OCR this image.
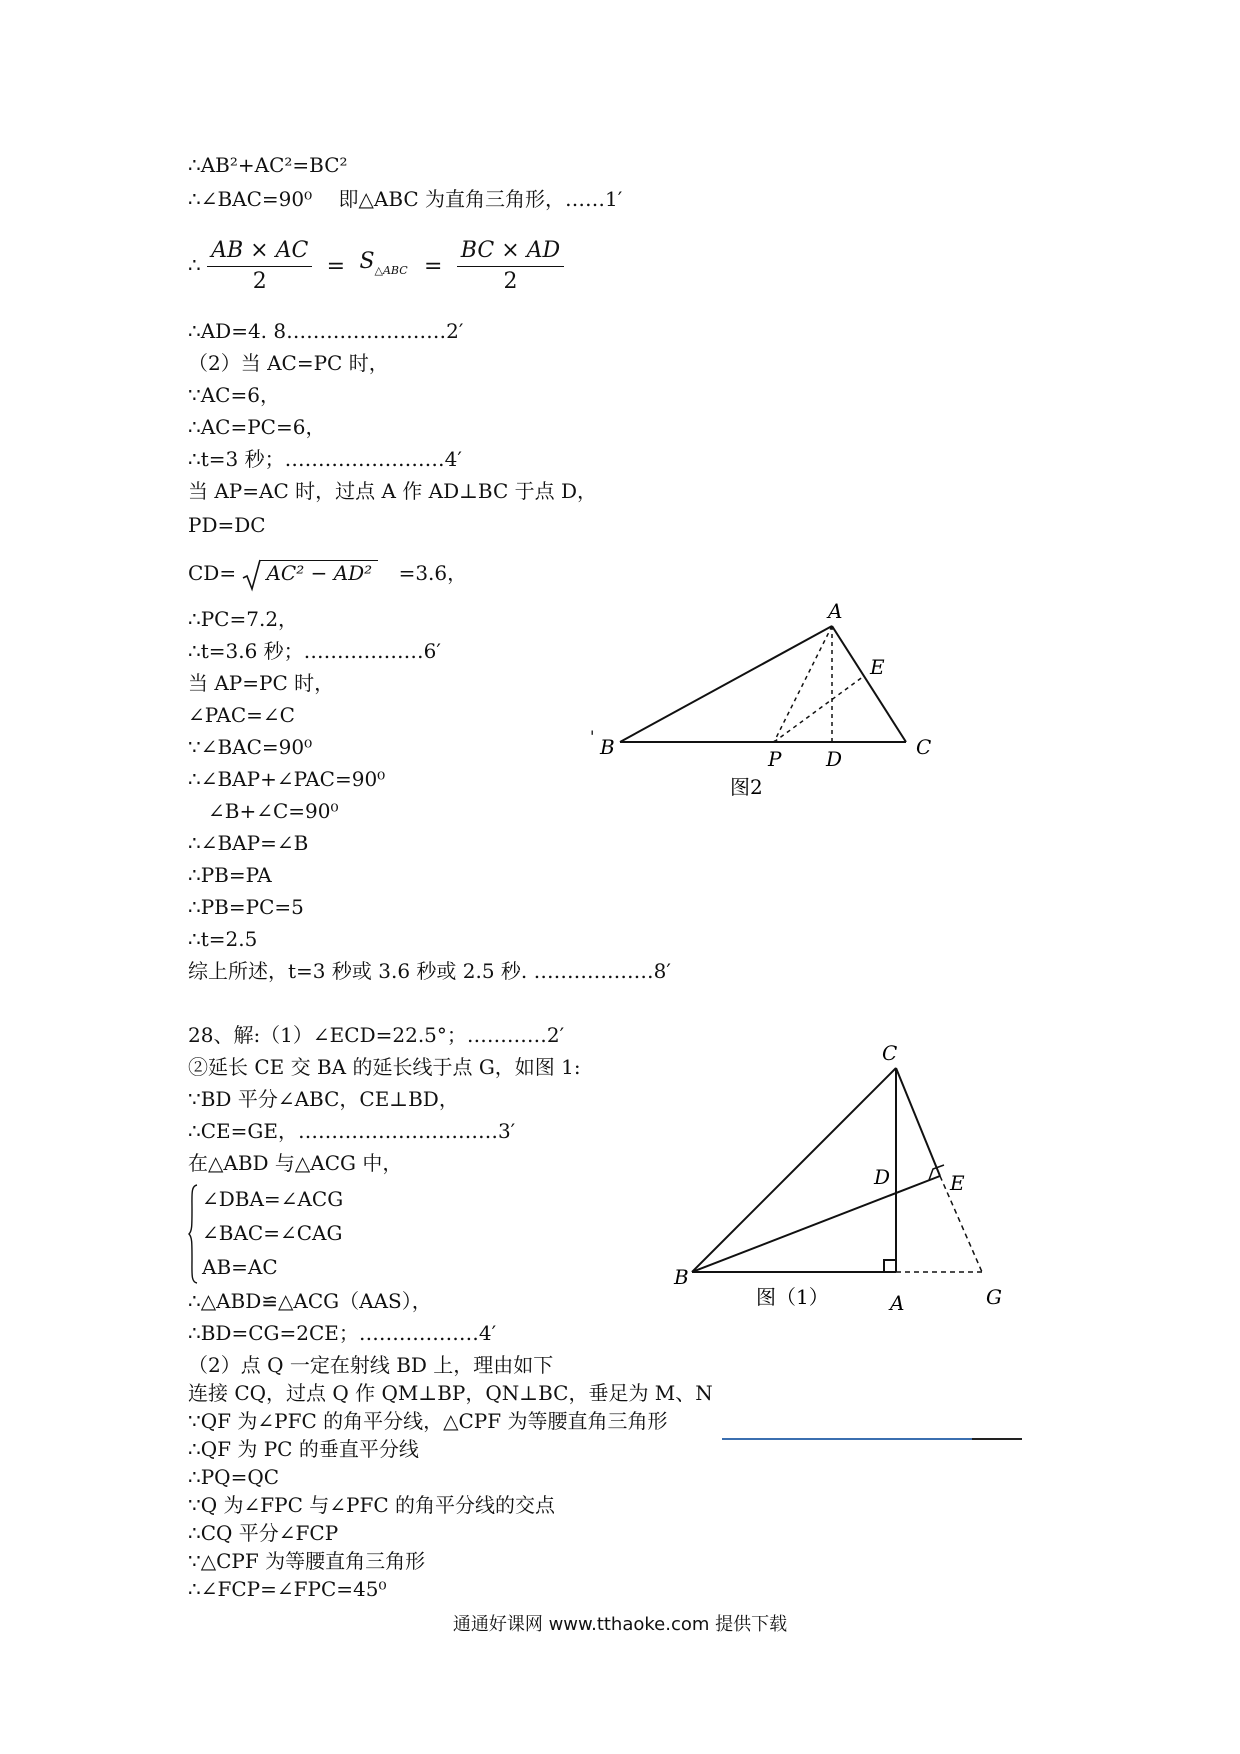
∴AB²+AC²=BC²
∴∠BAC=90⁰　 即△ABC 为直角三角形，……1′
∴ $\frac{AB \times AC}{2} = S_{\triangle ABC} = \frac{BC \times AD}{2}$
∴AD=4. 8……………………2′
（2）当 AC=PC 时，
∵AC=6，
∴AC=PC=6，
∴t=3 秒；……………………4′
当 AP=AC 时，过点 A 作 AD⊥BC 于点 D，
PD=DC
CD= AC² − AD² =3.6，
∴PC=7.2，
∴t=3.6 秒；………………6′
当 AP=PC 时，
∠PAC=∠C
∵∠BAC=90⁰
∴∠BAP+∠PAC=90⁰
　∠B+∠C=90⁰
∴∠BAP=∠B
∴PB=PA
∴PB=PC=5
∴t=2.5
综上所述，t=3 秒或 3.6 秒或 2.5 秒. ………………8′
28、解:（1）∠ECD=22.5°；…………2′
②延长 CE 交 BA 的延长线于点 G，如图 1:
∵BD 平分∠ABC，CE⊥BD，
∴CE=GE，…………………………3′
在△ABD 与△ACG 中，
∠DBA=∠ACG
∠BAC=∠CAG
AB=AC
∴△ABD≌△ACG（AAS），
∴BD=CG=2CE；………………4′
（2）点 Q 一定在射线 BD 上，理由如下
连接 CQ，过点 Q 作 QM⊥BP，QN⊥BC，垂足为 M、N
∵QF 为∠PFC 的角平分线，△CPF 为等腰直角三角形
∴QF 为 PC 的垂直平分线
∴PQ=QC
∵Q 为∠FPC 与∠PFC 的角平分线的交点
∴CQ 平分∠FCP
∵△CPF 为等腰直角三角形
∴∠FCP=∠FPC=45⁰
A
B	C
D
E
P
'
图2
C
B
D	E
A	G
图（1）
通通好课网 www.tthaoke.com 提供下载
